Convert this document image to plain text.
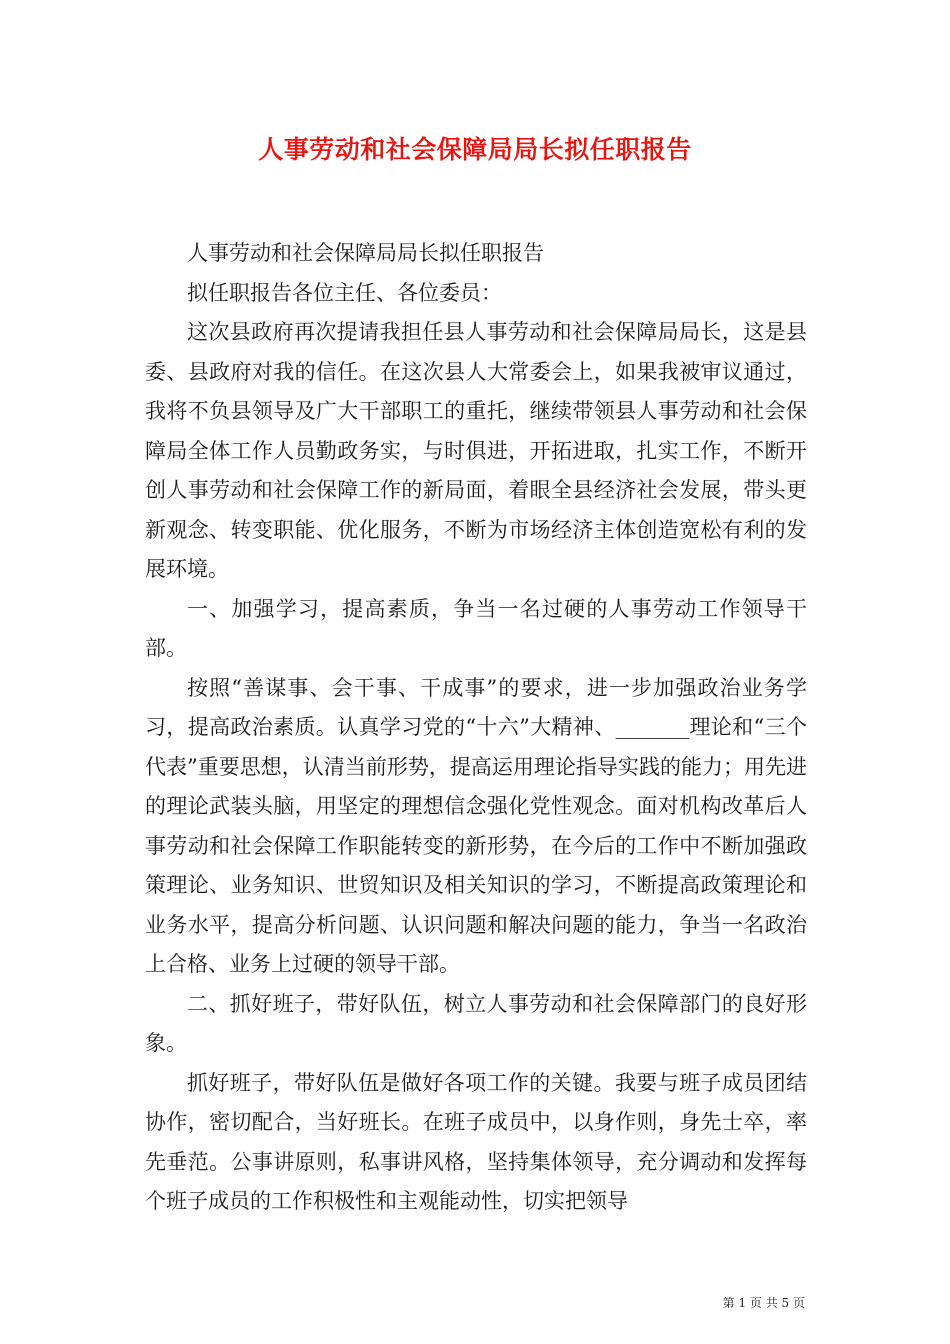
人事劳动和社会保障局局长拟任职报告

人事劳动和社会保障局局长拟任职报告

拟任职报告各位主任、各位委员：

这次县政府再次提请我担任县人事劳动和社会保障局局长，这是县委、县政府对我的信任。在这次县人大常委会上，如果我被审议通过，我将不负县领导及广大干部职工的重托，继续带领县人事劳动和社会保障局全体工作人员勤政务实，与时俱进，开拓进取，扎实工作，不断开创人事劳动和社会保障工作的新局面，着眼全县经济社会发展，带头更新观念、转变职能、优化服务，不断为市场经济主体创造宽松有利的发展环境。

一、加强学习，提高素质，争当一名过硬的人事劳动工作领导干部。

按照“善谋事、会干事、干成事”的要求，进一步加强政治业务学习，提高政治素质。认真学习党的“十六”大精神、_______理论和“三个代表”重要思想，认清当前形势，提高运用理论指导实践的能力；用先进的理论武装头脑，用坚定的理想信念强化党性观念。面对机构改革后人事劳动和社会保障工作职能转变的新形势，在今后的工作中不断加强政策理论、业务知识、世贸知识及相关知识的学习，不断提高政策理论和业务水平，提高分析问题、认识问题和解决问题的能力，争当一名政治上合格、业务上过硬的领导干部。

二、抓好班子，带好队伍，树立人事劳动和社会保障部门的良好形象。

抓好班子，带好队伍是做好各项工作的关键。我要与班子成员团结协作，密切配合，当好班长。在班子成员中，以身作则，身先士卒，率先垂范。公事讲原则，私事讲风格，坚持集体领导，充分调动和发挥每个班子成员的工作积极性和主观能动性，切实把领导

第 1 页 共 5 页
